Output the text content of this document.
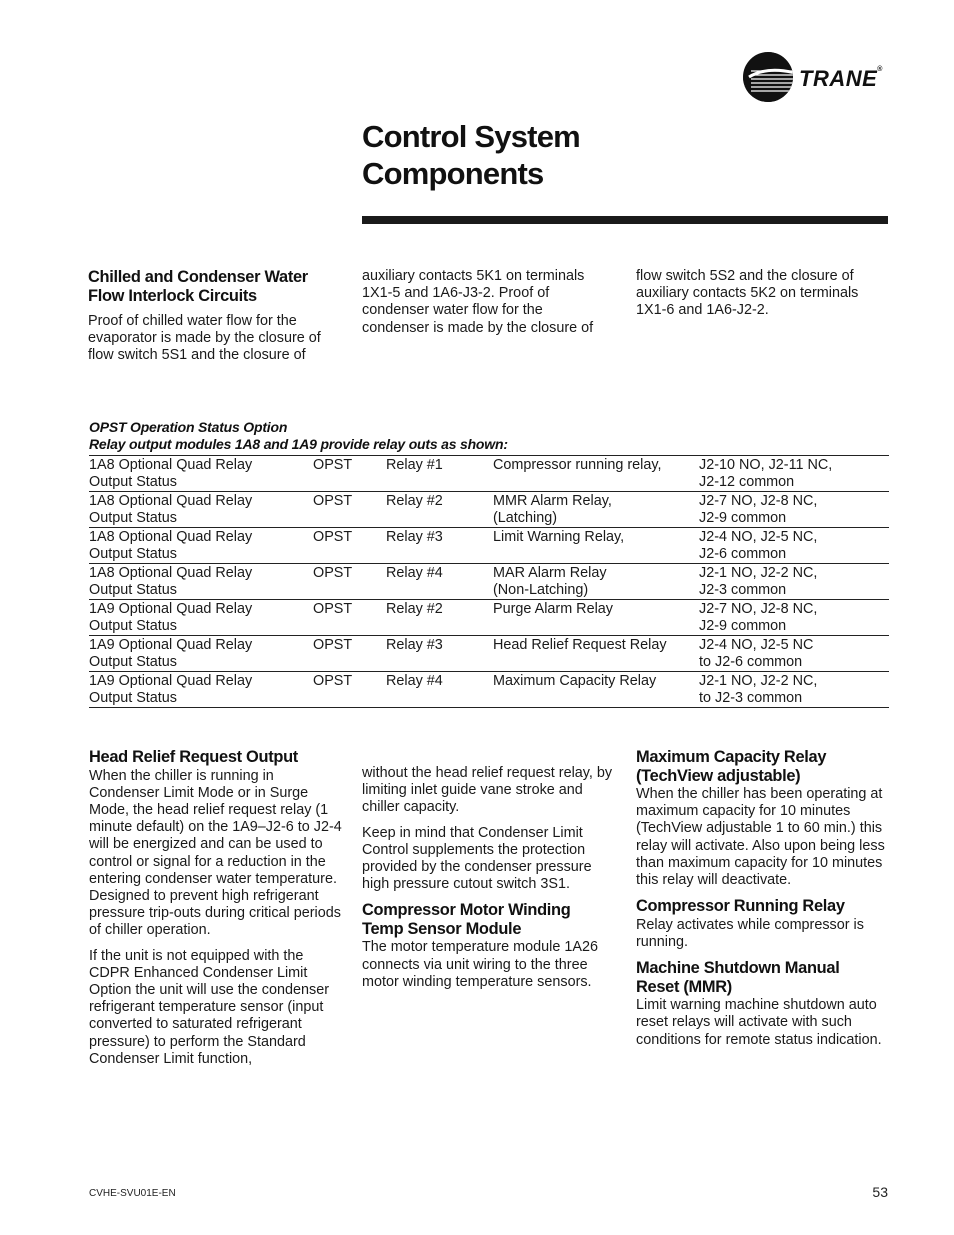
TRANE®
Control System
Components
Chilled and Condenser Water Flow Interlock Circuits

Proof of chilled water flow for the evaporator is made by the closure of flow switch 5S1 and the closure of

auxiliary contacts 5K1 on terminals 1X1-5 and 1A6-J3-2. Proof of condenser water flow for the condenser is made by the closure of

flow switch 5S2 and the closure of auxiliary contacts 5K2 on terminals 1X1-6 and 1A6-J2-2.

OPST Operation Status Option
Relay output modules 1A8 and 1A9 provide relay outs as shown:
1A8 Optional Quad Relay
Output Status	OPST	Relay #1	Compressor running relay,	J2-10 NO, J2-11 NC,
J2-12 common

1A8 Optional Quad Relay
Output Status	OPST	Relay #2	MMR Alarm Relay,
(Latching)	J2-7 NO, J2-8 NC,
J2-9 common

1A8 Optional Quad Relay
Output Status	OPST	Relay #3	Limit Warning Relay,	J2-4 NO, J2-5 NC,
J2-6 common

1A8 Optional Quad Relay
Output Status	OPST	Relay #4	MAR Alarm Relay
(Non-Latching)	J2-1 NO, J2-2 NC,
J2-3 common

1A9 Optional Quad Relay
Output Status	OPST	Relay #2	Purge Alarm Relay	J2-7 NO, J2-8 NC,
J2-9 common

1A9 Optional Quad Relay
Output Status	OPST	Relay #3	Head Relief Request Relay	J2-4 NO, J2-5 NC
to J2-6 common

1A9 Optional Quad Relay
Output Status	OPST	Relay #4	Maximum Capacity Relay	J2-1 NO, J2-2 NC,
to J2-3 common
Head Relief Request Output

When the chiller is running in Condenser Limit Mode or in Surge Mode, the head relief request relay (1 minute default) on the 1A9–J2-6 to J2-4 will be energized and can be used to control or signal for a reduction in the entering condenser water temperature. Designed to prevent high refrigerant pressure trip-outs during critical periods of chiller operation.

If the unit is not equipped with the CDPR Enhanced Condenser Limit Option the unit will use the condenser refrigerant temperature sensor (input converted to saturated refrigerant pressure) to perform the Standard Condenser Limit function,

without the head relief request relay, by limiting inlet guide vane stroke and chiller capacity.

Keep in mind that Condenser Limit Control supplements the protection provided by the condenser pressure high pressure cutout switch 3S1.

Compressor Motor Winding Temp Sensor Module

The motor temperature module 1A26 connects via unit wiring to the three motor winding temperature sensors.

Maximum Capacity Relay (TechView adjustable)

When the chiller has been operating at maximum capacity for 10 minutes (TechView adjustable 1 to 60 min.) this relay will activate. Also upon being less than maximum capacity for 10 minutes this relay will deactivate.

Compressor Running Relay

Relay activates while compressor is running.

Machine Shutdown Manual Reset (MMR)

Limit warning machine shutdown auto reset relays will activate with such conditions for remote status indication.

CVHE-SVU01E-EN	53
